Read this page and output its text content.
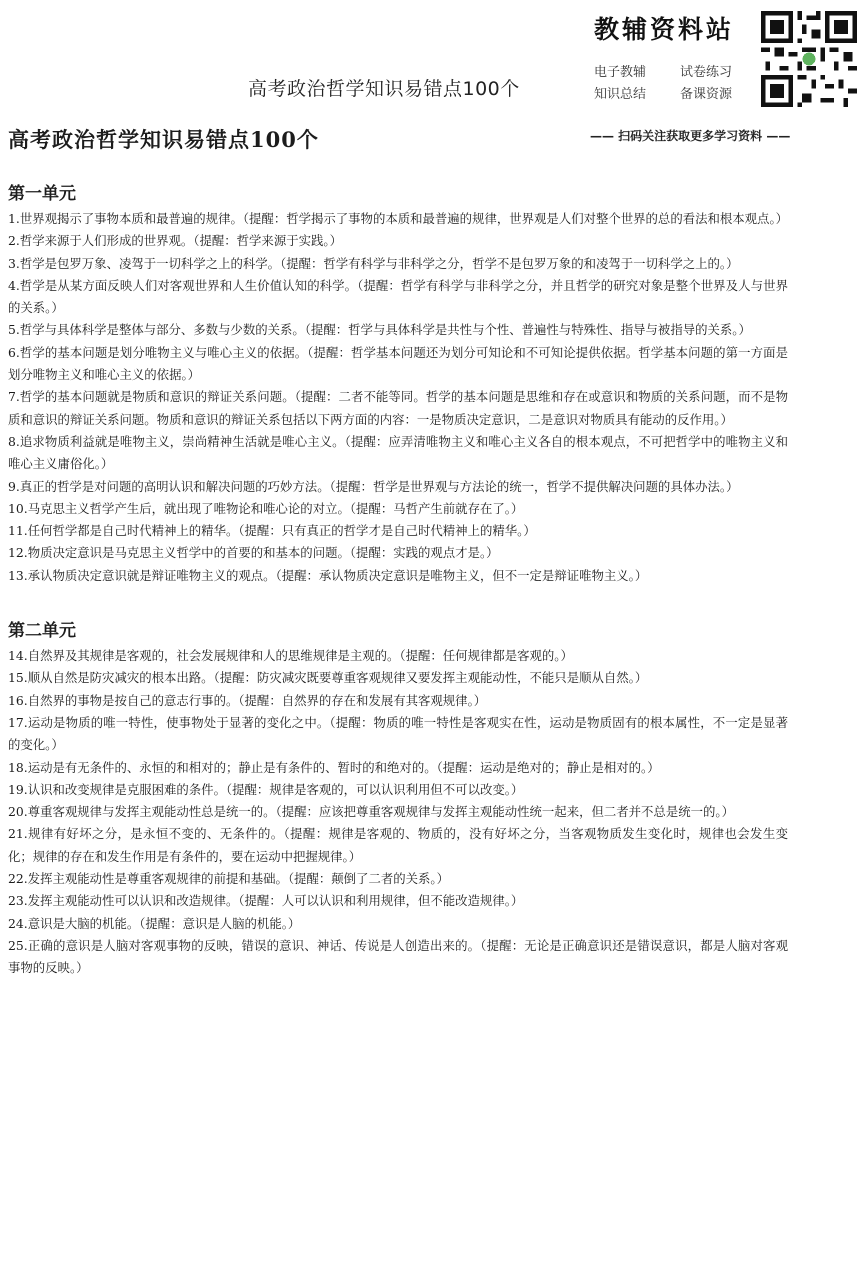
高考政治哲学知识易错点100个
教辅资料站
电子教辅	试卷练习
知识总结	备课资源
高考政治哲学知识易错点100个	—— 扫码关注获取更多学习资料 ——
第一单元

1.世界观揭示了事物本质和最普遍的规律。（提醒：哲学揭示了事物的本质和最普遍的规律，世界观是人们对整个世界的总的看法和根本观点。）

2.哲学来源于人们形成的世界观。（提醒：哲学来源于实践。）

3.哲学是包罗万象、凌驾于一切科学之上的科学。（提醒：哲学有科学与非科学之分，哲学不是包罗万象的和凌驾于一切科学之上的。）

4.哲学是从某方面反映人们对客观世界和人生价值认知的科学。（提醒：哲学有科学与非科学之分，并且哲学的研究对象是整个世界及人与世界的关系。）

5.哲学与具体科学是整体与部分、多数与少数的关系。（提醒：哲学与具体科学是共性与个性、普遍性与特殊性、指导与被指导的关系。）

6.哲学的基本问题是划分唯物主义与唯心主义的依据。（提醒：哲学基本问题还为划分可知论和不可知论提供依据。哲学基本问题的第一方面是划分唯物主义和唯心主义的依据。）

7.哲学的基本问题就是物质和意识的辩证关系问题。（提醒：二者不能等同。哲学的基本问题是思维和存在或意识和物质的关系问题，而不是物质和意识的辩证关系问题。物质和意识的辩证关系包括以下两方面的内容：一是物质决定意识，二是意识对物质具有能动的反作用。）

8.追求物质利益就是唯物主义，崇尚精神生活就是唯心主义。（提醒：应弄清唯物主义和唯心主义各自的根本观点，不可把哲学中的唯物主义和唯心主义庸俗化。）

9.真正的哲学是对问题的高明认识和解决问题的巧妙方法。（提醒：哲学是世界观与方法论的统一，哲学不提供解决问题的具体办法。）

10.马克思主义哲学产生后，就出现了唯物论和唯心论的对立。（提醒：马哲产生前就存在了。）

11.任何哲学都是自己时代精神上的精华。（提醒：只有真正的哲学才是自己时代精神上的精华。）

12.物质决定意识是马克思主义哲学中的首要的和基本的问题。（提醒：实践的观点才是。）

13.承认物质决定意识就是辩证唯物主义的观点。（提醒：承认物质决定意识是唯物主义，但不一定是辩证唯物主义。）

第二单元

14.自然界及其规律是客观的，社会发展规律和人的思维规律是主观的。（提醒：任何规律都是客观的。）

15.顺从自然是防灾减灾的根本出路。（提醒：防灾减灾既要尊重客观规律又要发挥主观能动性，不能只是顺从自然。）

16.自然界的事物是按自己的意志行事的。（提醒：自然界的存在和发展有其客观规律。）

17.运动是物质的唯一特性，使事物处于显著的变化之中。（提醒：物质的唯一特性是客观实在性，运动是物质固有的根本属性，不一定是显著的变化。）

18.运动是有无条件的、永恒的和相对的；静止是有条件的、暂时的和绝对的。（提醒：运动是绝对的；静止是相对的。）

19.认识和改变规律是克服困难的条件。（提醒：规律是客观的，可以认识利用但不可以改变。）

20.尊重客观规律与发挥主观能动性总是统一的。（提醒：应该把尊重客观规律与发挥主观能动性统一起来，但二者并不总是统一的。）

21.规律有好坏之分，是永恒不变的、无条件的。（提醒：规律是客观的、物质的，没有好坏之分，当客观物质发生变化时，规律也会发生变化；规律的存在和发生作用是有条件的，要在运动中把握规律。）

22.发挥主观能动性是尊重客观规律的前提和基础。（提醒：颠倒了二者的关系。）

23.发挥主观能动性可以认识和改造规律。（提醒：人可以认识和利用规律，但不能改造规律。）

24.意识是大脑的机能。（提醒：意识是人脑的机能。）

25.正确的意识是人脑对客观事物的反映，错误的意识、神话、传说是人创造出来的。（提醒：无论是正确意识还是错误意识，都是人脑对客观事物的反映。）
